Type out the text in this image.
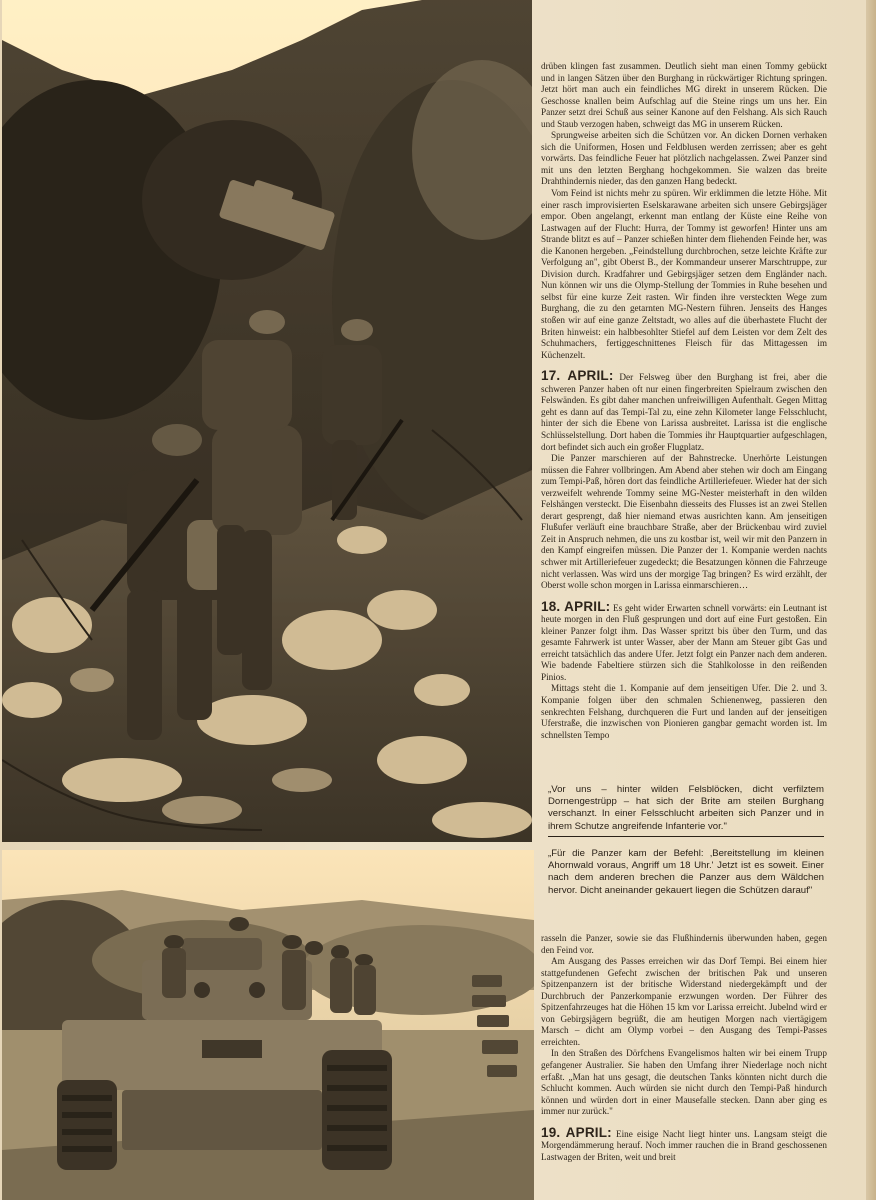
drüben klingen fast zusammen. Deutlich sieht man einen Tommy gebückt und in langen Sätzen über den Burghang in rückwärtiger Richtung springen. Jetzt hört man auch ein feindliches MG direkt in unserem Rücken. Die Geschosse knallen beim Aufschlag auf die Steine rings um uns her. Ein Panzer setzt drei Schuß aus seiner Kanone auf den Felshang. Als sich Rauch und Staub verzogen haben, schweigt das MG in unserem Rücken.

Sprungweise arbeiten sich die Schützen vor. An dicken Dornen verhaken sich die Uniformen, Hosen und Feldblusen werden zerrissen; aber es geht vorwärts. Das feindliche Feuer hat plötzlich nachgelassen. Zwei Panzer sind mit uns den letzten Berghang hochgekommen. Sie walzen das breite Drahthindernis nieder, das den ganzen Hang bedeckt.

Vom Feind ist nichts mehr zu spüren. Wir erklimmen die letzte Höhe. Mit einer rasch improvisierten Eselskarawane arbeiten sich unsere Gebirgsjäger empor. Oben angelangt, erkennt man entlang der Küste eine Reihe von Lastwagen auf der Flucht: Hurra, der Tommy ist geworfen! Hinter uns am Strande blitzt es auf – Panzer schießen hinter dem fliehenden Feinde her, was die Kanonen hergeben. „Feindstellung durchbrochen, setze leichte Kräfte zur Verfolgung an", gibt Oberst B., der Kommandeur unserer Marschtruppe, zur Division durch. Kradfahrer und Gebirgsjäger setzen dem Engländer nach. Nun können wir uns die Olymp-Stellung der Tommies in Ruhe besehen und selbst für eine kurze Zeit rasten. Wir finden ihre versteckten Wege zum Burghang, die zu den getarnten MG-Nestern führen. Jenseits des Hanges stoßen wir auf eine ganze Zeltstadt, wo alles auf die überhastete Flucht der Briten hinweist: ein halbbesohlter Stiefel auf dem Leisten vor dem Zelt des Schuhmachers, fertiggeschnittenes Fleisch für das Mittagessen im Küchenzelt.

17. APRIL: Der Felsweg über den Burghang ist frei, aber die schweren Panzer haben oft nur einen fingerbreiten Spielraum zwischen den Felswänden. Es gibt daher manchen unfreiwilligen Aufenthalt. Gegen Mittag geht es dann auf das Tempi-Tal zu, eine zehn Kilometer lange Felsschlucht, hinter der sich die Ebene von Larissa ausbreitet. Larissa ist die englische Schlüsselstellung. Dort haben die Tommies ihr Hauptquartier aufgeschlagen, dort befindet sich auch ein großer Flugplatz.

Die Panzer marschieren auf der Bahnstrecke. Unerhörte Leistungen müssen die Fahrer vollbringen. Am Abend aber stehen wir doch am Eingang zum Tempi-Paß, hören dort das feindliche Artilleriefeuer. Wieder hat der sich verzweifelt wehrende Tommy seine MG-Nester meisterhaft in den wilden Felshängen versteckt. Die Eisenbahn diesseits des Flusses ist an zwei Stellen derart gesprengt, daß hier niemand etwas ausrichten kann. Am jenseitigen Flußufer verläuft eine brauchbare Straße, aber der Brückenbau wird zuviel Zeit in Anspruch nehmen, die uns zu kostbar ist, weil wir mit den Panzern in den Kampf eingreifen müssen. Die Panzer der 1. Kompanie werden nachts schwer mit Artilleriefeuer zugedeckt; die Besatzungen können die Fahrzeuge nicht verlassen. Was wird uns der morgige Tag bringen? Es wird erzählt, der Oberst wolle schon morgen in Larissa einmarschieren…

18. APRIL: Es geht wider Erwarten schnell vorwärts: ein Leutnant ist heute morgen in den Fluß gesprungen und dort auf eine Furt gestoßen. Ein kleiner Panzer folgt ihm. Das Wasser spritzt bis über den Turm, und das gesamte Fahrwerk ist unter Wasser, aber der Mann am Steuer gibt Gas und erreicht tatsächlich das andere Ufer. Jetzt folgt ein Panzer nach dem anderen. Wie badende Fabeltiere stürzen sich die Stahlkolosse in den reißenden Pinios.

Mittags steht die 1. Kompanie auf dem jenseitigen Ufer. Die 2. und 3. Kompanie folgen über den schmalen Schienenweg, passieren den senkrechten Felshang, durchqueren die Furt und landen auf der jenseitigen Uferstraße, die inzwischen von Pionieren gangbar gemacht worden ist. Im schnellsten Tempo

„Vor uns – hinter wilden Felsblöcken, dicht verfilztem Dornengestrüpp – hat sich der Brite am steilen Burghang verschanzt. In einer Felsschlucht arbeiten sich Panzer und in ihrem Schutze angreifende Infanterie vor."
„Für die Panzer kam der Befehl: ‚Bereitstellung im kleinen Ahornwald voraus, Angriff um 18 Uhr.' Jetzt ist es soweit. Einer nach dem anderen brechen die Panzer aus dem Wäldchen hervor. Dicht aneinander gekauert liegen die Schützen darauf"

rasseln die Panzer, sowie sie das Flußhindernis überwunden haben, gegen den Feind vor.

Am Ausgang des Passes erreichen wir das Dorf Tempi. Bei einem hier stattgefundenen Gefecht zwischen der britischen Pak und unseren Spitzenpanzern ist der britische Widerstand niedergekämpft und der Durchbruch der Panzerkompanie erzwungen worden. Der Führer des Spitzenfahrzeuges hat die Höhen 15 km vor Larissa erreicht. Jubelnd wird er von Gebirgsjägern begrüßt, die am heutigen Morgen nach viertägigem Marsch – dicht am Olymp vorbei – den Ausgang des Tempi-Passes erreichten.

In den Straßen des Dörfchens Evangelismos halten wir bei einem Trupp gefangener Australier. Sie haben den Umfang ihrer Niederlage noch nicht erfaßt. „Man hat uns gesagt, die deutschen Tanks könnten nicht durch die Schlucht kommen. Auch würden sie nicht durch den Tempi-Paß hindurch können und würden dort in einer Mausefalle stecken. Dann aber ging es immer nur zurück."

19. APRIL: Eine eisige Nacht liegt hinter uns. Langsam steigt die Morgendämmerung herauf. Noch immer rauchen die in Brand geschossenen Lastwagen der Briten, weit und breit
